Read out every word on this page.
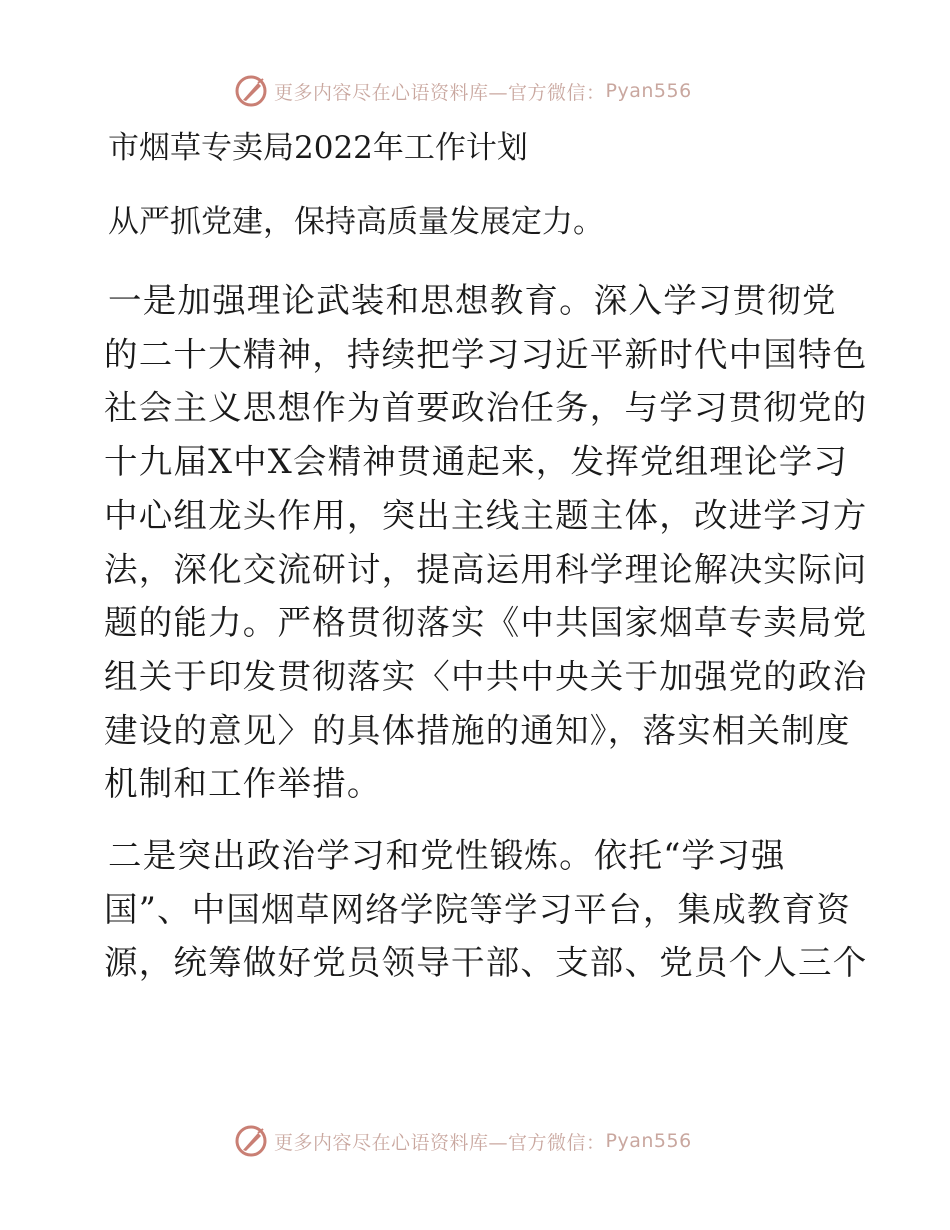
更多内容尽在心语资料库—官方微信： Pyan556
市烟草专卖局2022年工作计划
从严抓党建，保持高质量发展定力。
一是加强理论武装和思想教育。深入学习贯彻党
的二十大精神，持续把学习习近平新时代中国特色
社会主义思想作为首要政治任务，与学习贯彻党的
十九届X中X会精神贯通起来，发挥党组理论学习
中心组龙头作用，突出主线主题主体，改进学习方
法，深化交流研讨，提高运用科学理论解决实际问
题的能力。严格贯彻落实《中共国家烟草专卖局党
组关于印发贯彻落实〈中共中央关于加强党的政治
建设的意见〉的具体措施的通知》，落实相关制度
机制和工作举措。
二是突出政治学习和党性锻炼。依托“学习强
国”、中国烟草网络学院等学习平台，集成教育资
源，统筹做好党员领导干部、支部、党员个人三个
更多内容尽在心语资料库—官方微信： Pyan556
